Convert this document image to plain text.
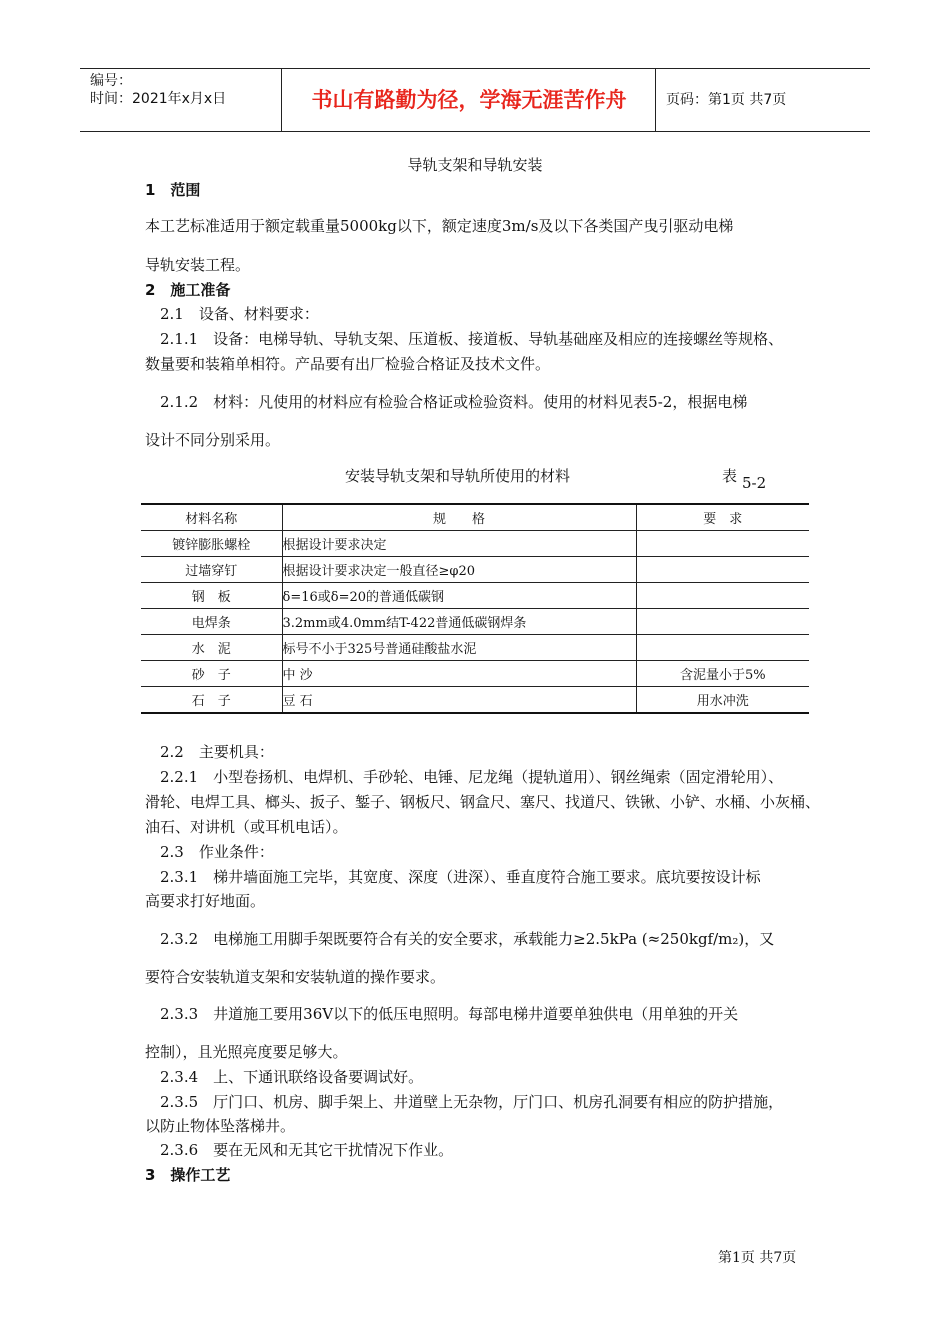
编号：
时间：2021年x月x日	书山有路勤为径，学海无涯苦作舟	页码：第1页 共7页
导轨支架和导轨安装
1　范围
本工艺标准适用于额定载重量5000kg以下，额定速度3m/s及以下各类国产曳引驱动电梯
导轨安装工程。
2　施工准备
2.1　设备、材料要求：
2.1.1　设备：电梯导轨、导轨支架、压道板、接道板、导轨基础座及相应的连接螺丝等规格、
数量要和装箱单相符。产品要有出厂检验合格证及技术文件。
2.1.2　材料：凡使用的材料应有检验合格证或检验资料。使用的材料见表5-2，根据电梯
设计不同分别采用。
安装导轨支架和导轨所使用的材料	表 5-2
材料名称	规　　格	要　求
镀锌膨胀螺栓	根据设计要求决定	
过墙穿钉	根据设计要求决定一般直径≥φ20	
钢　板	δ=16或δ=20的普通低碳钢	
电焊条	3.2mm或4.0mm结T-422普通低碳钢焊条	
水　泥	标号不小于325号普通硅酸盐水泥	
砂　子	中 沙	含泥量小于5%
石　子	豆 石	用水冲洗
2.2　主要机具：
2.2.1　小型卷扬机、电焊机、手砂轮、电锤、尼龙绳（提轨道用）、钢丝绳索（固定滑轮用）、
滑轮、电焊工具、榔头、扳子、錾子、钢板尺、钢盒尺、塞尺、找道尺、铁锹、小铲、水桶、小灰桶、
油石、对讲机（或耳机电话）。
2.3　作业条件：
2.3.1　梯井墙面施工完毕，其宽度、深度（进深）、垂直度符合施工要求。底坑要按设计标
高要求打好地面。
2.3.2　电梯施工用脚手架既要符合有关的安全要求，承载能力≥2.5kPa (≈250kgf/m₂)，又
要符合安装轨道支架和安装轨道的操作要求。
2.3.3　井道施工要用36V以下的低压电照明。每部电梯井道要单独供电（用单独的开关
控制），且光照亮度要足够大。
2.3.4　上、下通讯联络设备要调试好。
2.3.5　厅门口、机房、脚手架上、井道壁上无杂物，厅门口、机房孔洞要有相应的防护措施，
以防止物体坠落梯井。
2.3.6　要在无风和无其它干扰情况下作业。
3　操作工艺
第1页 共7页
